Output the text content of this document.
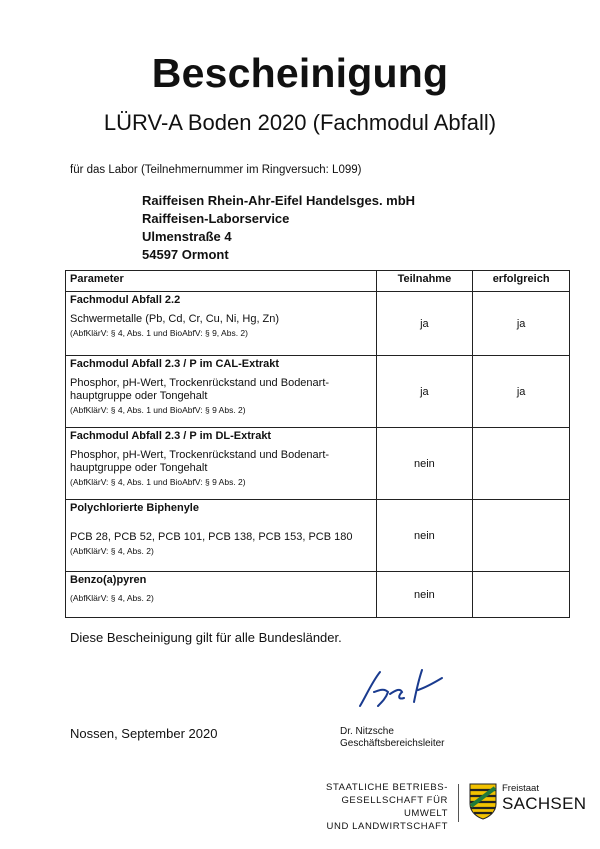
Bescheinigung
LÜRV-A Boden 2020 (Fachmodul Abfall)
für das Labor (Teilnehmernummer im Ringversuch: L099)
Raiffeisen Rhein-Ahr-Eifel Handelsges. mbH
Raiffeisen-Laborservice
Ulmenstraße 4
54597 Ormont
Parameter	Teilnahme	erfolgreich

Fachmodul Abfall 2.2
Schwermetalle (Pb, Cd, Cr, Cu, Ni, Hg, Zn)
(AbfKlärV: § 4, Abs. 1 und BioAbfV: § 9, Abs. 2)	ja	ja

Fachmodul Abfall 2.3 / P im CAL-Extrakt
Phosphor, pH-Wert, Trockenrückstand und Bodenart-hauptgruppe oder Tongehalt
(AbfKlärV: § 4, Abs. 1 und BioAbfV: § 9 Abs. 2)	ja	ja

Fachmodul Abfall 2.3 / P im DL-Extrakt
Phosphor, pH-Wert, Trockenrückstand und Bodenart-hauptgruppe oder Tongehalt
(AbfKlärV: § 4, Abs. 1 und BioAbfV: § 9 Abs. 2)	nein	

Polychlorierte Biphenyle
PCB 28, PCB 52, PCB 101, PCB 138, PCB 153, PCB 180
(AbfKlärV: § 4, Abs. 2)	nein	

Benzo(a)pyren
(AbfKlärV: § 4, Abs. 2)	nein	
Diese Bescheinigung gilt für alle Bundesländer.
Nossen, September 2020	Dr. Nitzsche
Geschäftsbereichsleiter
STAATLICHE BETRIEBS-
GESELLSCHAFT FÜR UMWELT
UND LANDWIRTSCHAFT
Freistaat
SACHSEN
